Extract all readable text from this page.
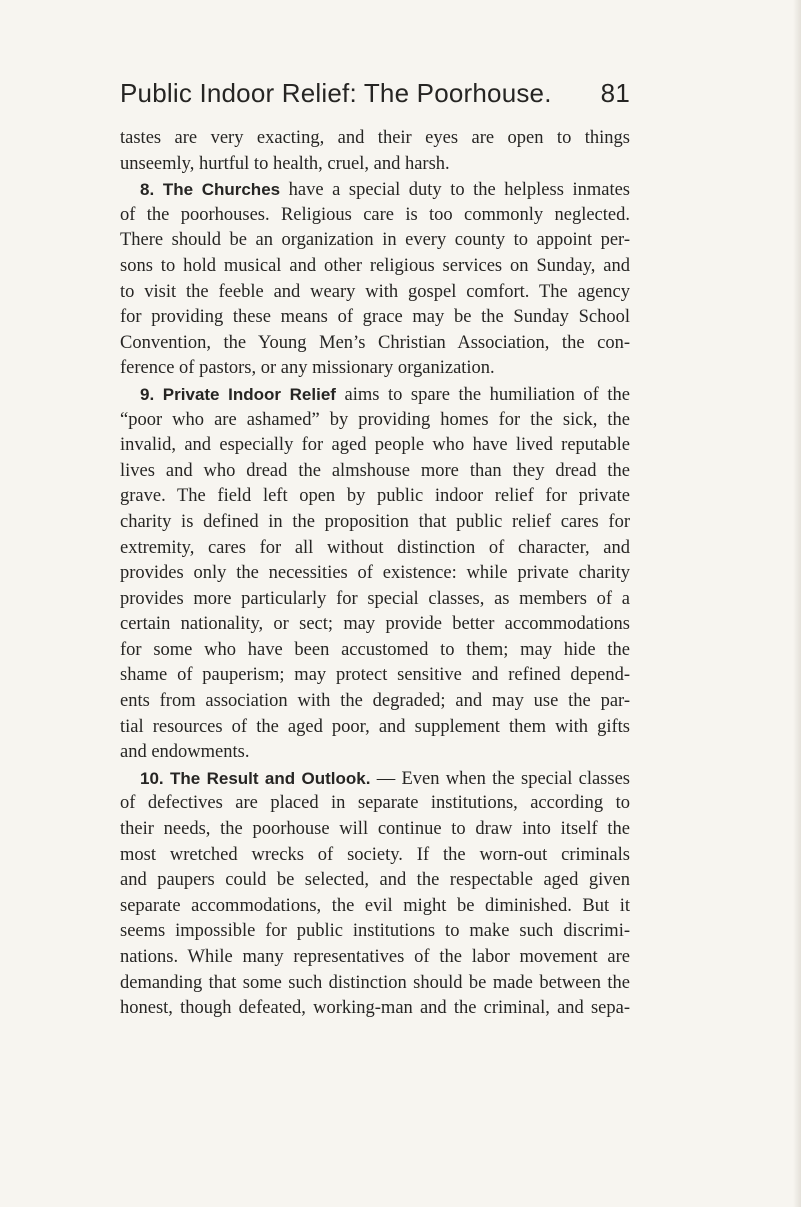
Public Indoor Relief: The Poorhouse. 81
tastes are very exacting, and their eyes are open to things
unseemly, hurtful to health, cruel, and harsh.
8. The Churches have a special duty to the helpless inmates
of the poorhouses. Religious care is too commonly neglected.
There should be an organization in every county to appoint per-
sons to hold musical and other religious services on Sunday, and
to visit the feeble and weary with gospel comfort. The agency
for providing these means of grace may be the Sunday School
Convention, the Young Men’s Christian Association, the con-
ference of pastors, or any missionary organization.
9. Private Indoor Relief aims to spare the humiliation of the
“poor who are ashamed” by providing homes for the sick, the
invalid, and especially for aged people who have lived reputable
lives and who dread the almshouse more than they dread the
grave. The field left open by public indoor relief for private
charity is defined in the proposition that public relief cares for
extremity, cares for all without distinction of character, and
provides only the necessities of existence: while private charity
provides more particularly for special classes, as members of a
certain nationality, or sect; may provide better accommodations
for some who have been accustomed to them; may hide the
shame of pauperism; may protect sensitive and refined depend-
ents from association with the degraded; and may use the par-
tial resources of the aged poor, and supplement them with gifts
and endowments.
10. The Result and Outlook. — Even when the special classes
of defectives are placed in separate institutions, according to
their needs, the poorhouse will continue to draw into itself the
most wretched wrecks of society. If the worn-out criminals
and paupers could be selected, and the respectable aged given
separate accommodations, the evil might be diminished. But it
seems impossible for public institutions to make such discrimi-
nations. While many representatives of the labor movement are
demanding that some such distinction should be made between the
honest, though defeated, working-man and the criminal, and sepa-
